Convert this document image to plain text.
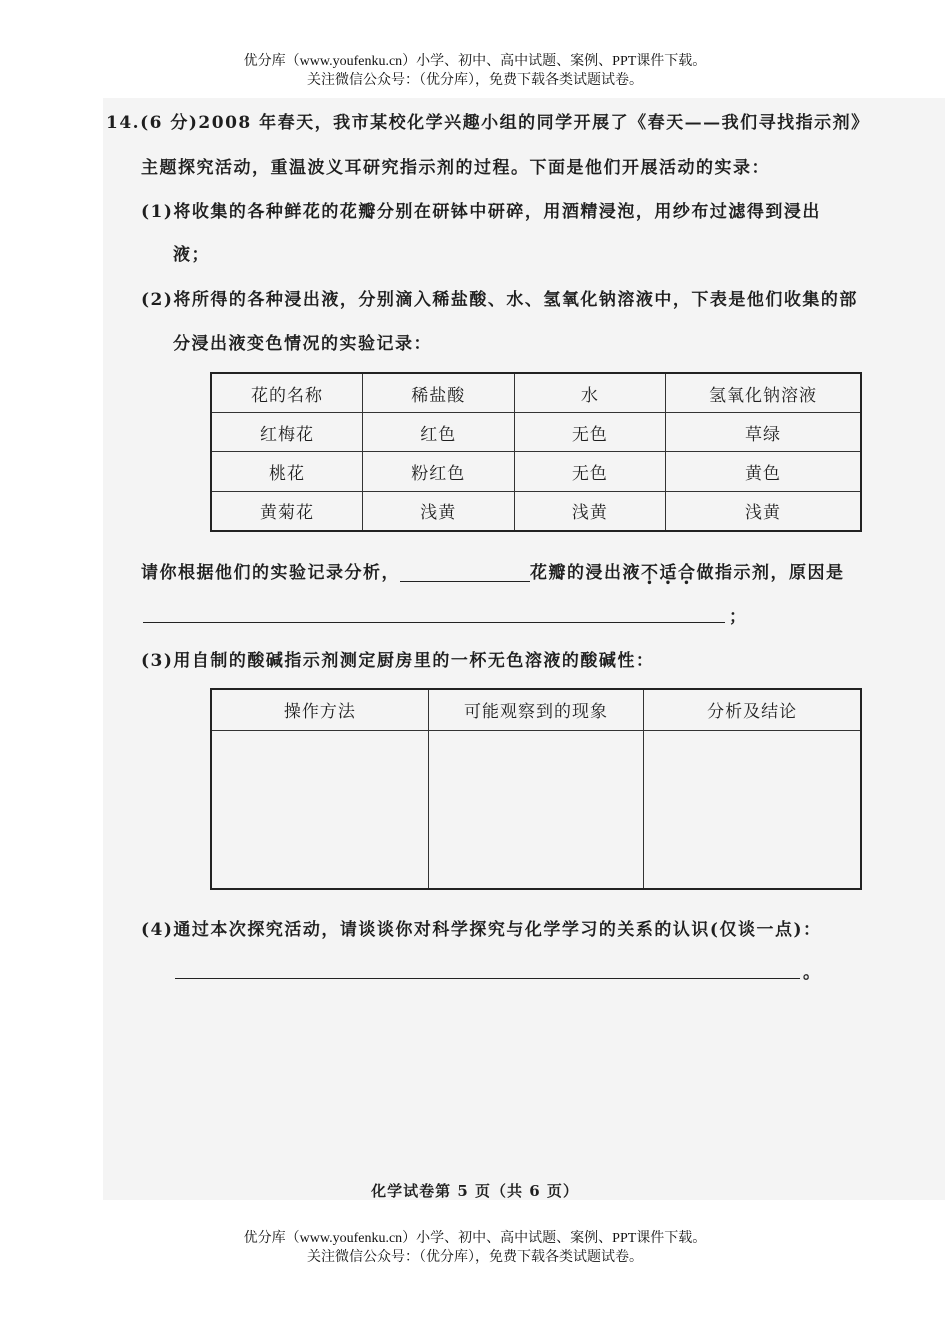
优分库（www.youfenku.cn）小学、初中、高中试题、案例、PPT课件下载。
关注微信公众号：（优分库），免费下载各类试题试卷。
14.(6 分)2008 年春天，我市某校化学兴趣小组的同学开展了《春天——我们寻找指示剂》
主题探究活动，重温波义耳研究指示剂的过程。下面是他们开展活动的实录：
(1)将收集的各种鲜花的花瓣分别在研钵中研碎，用酒精浸泡，用纱布过滤得到浸出
液；
(2)将所得的各种浸出液，分别滴入稀盐酸、水、氢氧化钠溶液中，下表是他们收集的部
分浸出液变色情况的实验记录：
花的名称	稀盐酸	水	氢氧化钠溶液
红梅花	红色	无色	草绿
桃花	粉红色	无色	黄色
黄菊花	浅黄	浅黄	浅黄
请你根据他们的实验记录分析，	花瓣的浸出液不适合做指示剂，原因是
；
(3)用自制的酸碱指示剂测定厨房里的一杯无色溶液的酸碱性：
操作方法	可能观察到的现象	分析及结论

(4)通过本次探究活动，请谈谈你对科学探究与化学学习的关系的认识(仅谈一点)：
。
化学试卷第 5 页（共 6 页）
优分库（www.youfenku.cn）小学、初中、高中试题、案例、PPT课件下载。
关注微信公众号：（优分库），免费下载各类试题试卷。
